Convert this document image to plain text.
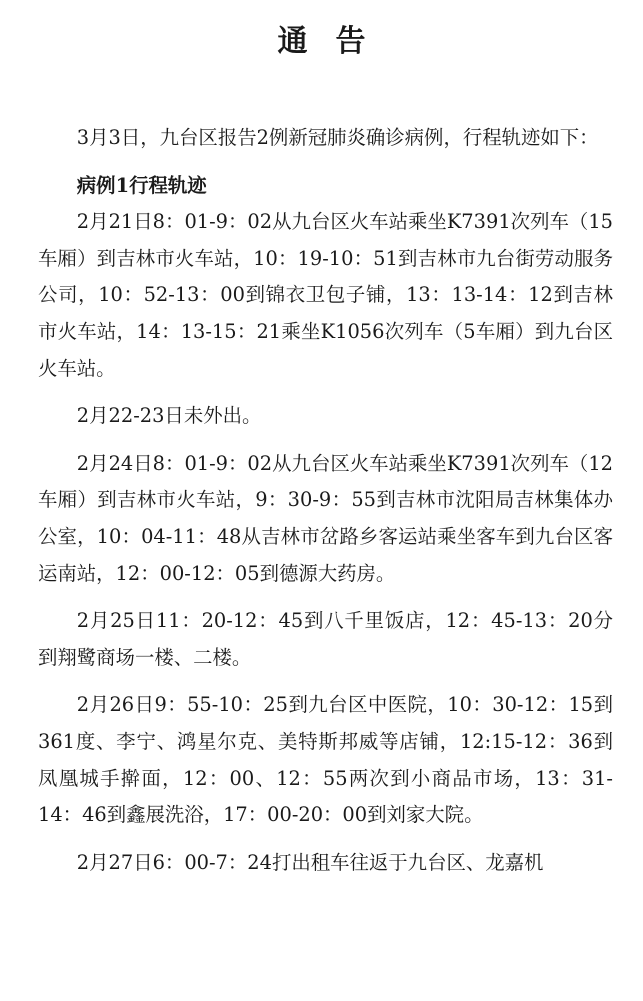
通告

3月3日，九台区报告2例新冠肺炎确诊病例，行程轨迹如下：

病例1行程轨迹

2月21日8：01-9：02从九台区火车站乘坐K7391次列车（15车厢）到吉林市火车站，10：19-10：51到吉林市九台街劳动服务公司，10：52-13：00到锦衣卫包子铺，13：13-14：12到吉林市火车站，14：13-15：21乘坐K1056次列车（5车厢）到九台区火车站。

2月22-23日未外出。

2月24日8：01-9：02从九台区火车站乘坐K7391次列车（12车厢）到吉林市火车站，9：30-9：55到吉林市沈阳局吉林集体办公室，10：04-11：48从吉林市岔路乡客运站乘坐客车到九台区客运南站，12：00-12：05到德源大药房。

2月25日11：20-12：45到八千里饭店，12：45-13：20分到翔鹭商场一楼、二楼。

2月26日9：55-10：25到九台区中医院，10：30-12：15到361度、李宁、鸿星尔克、美特斯邦威等店铺，12:15-12：36到凤凰城手擀面，12：00、12：55两次到小商品市场，13：31-14：46到鑫展洗浴，17：00-20：00到刘家大院。

2月27日6：00-7：24打出租车往返于九台区、龙嘉机
